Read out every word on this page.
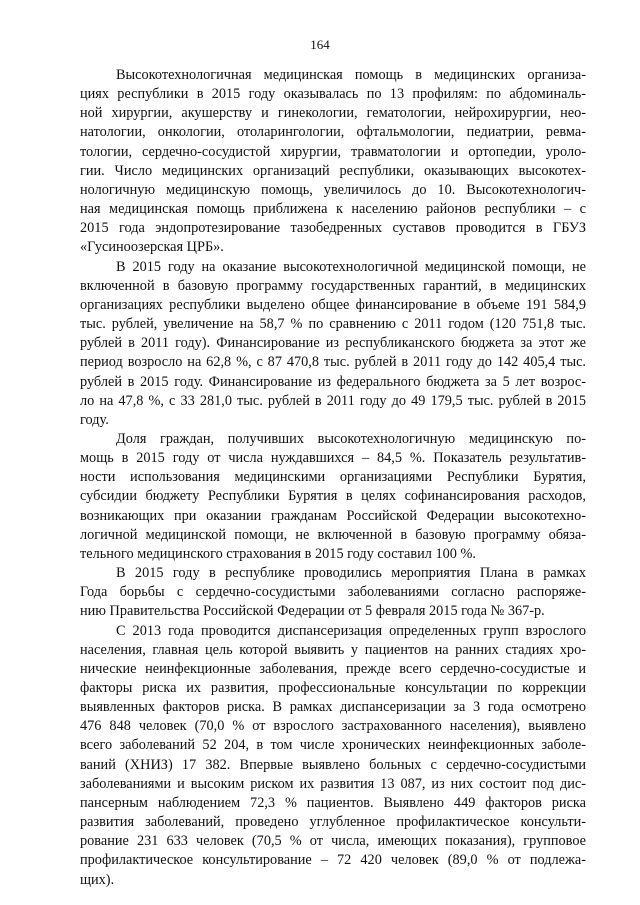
164

Высокотехнологичная медицинская помощь в медицинских организа-
циях республики в 2015 году оказывалась по 13 профилям: по абдоминаль-
ной хирургии, акушерству и гинекологии, гематологии, нейрохирургии, нео-
натологии, онкологии, отоларингологии, офтальмологии, педиатрии, ревма-
тологии, сердечно-сосудистой хирургии, травматологии и ортопедии, уроло-
гии. Число медицинских организаций республики, оказывающих высокотех-
нологичную медицинскую помощь, увеличилось до 10. Высокотехнологич-
ная медицинская помощь приближена к населению районов республики – с
2015 года эндопротезирование тазобедренных суставов проводится в ГБУЗ
«Гусиноозерская ЦРБ».

В 2015 году на оказание высокотехнологичной медицинской помощи, не
включенной в базовую программу государственных гарантий, в медицинских
организациях республики выделено общее финансирование в объеме 191 584,9
тыс. рублей, увеличение на 58,7 % по сравнению с 2011 годом (120 751,8 тыс.
рублей в 2011 году). Финансирование из республиканского бюджета за этот же
период возросло на 62,8 %, с 87 470,8 тыс. рублей в 2011 году до 142 405,4 тыс.
рублей в 2015 году. Финансирование из федерального бюджета за 5 лет возрос-
ло на 47,8 %, с 33 281,0 тыс. рублей в 2011 году до 49 179,5 тыс. рублей в 2015
году.

Доля граждан, получивших высокотехнологичную медицинскую по-
мощь в 2015 году от числа нуждавшихся – 84,5 %. Показатель результатив-
ности использования медицинскими организациями Республики Бурятия,
субсидии бюджету Республики Бурятия в целях софинансирования расходов,
возникающих при оказании гражданам Российской Федерации высокотехно-
логичной медицинской помощи, не включенной в базовую программу обяза-
тельного медицинского страхования в 2015 году составил 100 %.

В 2015 году в республике проводились мероприятия Плана в рамках
Года борьбы с сердечно-сосудистыми заболеваниями согласно распоряже-
нию Правительства Российской Федерации от 5 февраля 2015 года № 367-р.

С 2013 года проводится диспансеризация определенных групп взрослого
населения, главная цель которой выявить у пациентов на ранних стадиях хро-
нические неинфекционные заболевания, прежде всего сердечно-сосудистые и
факторы риска их развития, профессиональные консультации по коррекции
выявленных факторов риска. В рамках диспансеризации за 3 года осмотрено
476 848 человек (70,0 % от взрослого застрахованного населения), выявлено
всего заболеваний 52 204, в том числе хронических неинфекционных заболе-
ваний (ХНИЗ) 17 382. Впервые выявлено больных с сердечно-сосудистыми
заболеваниями и высоким риском их развития 13 087, из них состоит под дис-
пансерным наблюдением 72,3 % пациентов. Выявлено 449 факторов риска
развития заболеваний, проведено углубленное профилактическое консульти-
рование 231 633 человек (70,5 % от числа, имеющих показания), групповое
профилактическое консультирование – 72 420 человек (89,0 % от подлежа-
щих).
